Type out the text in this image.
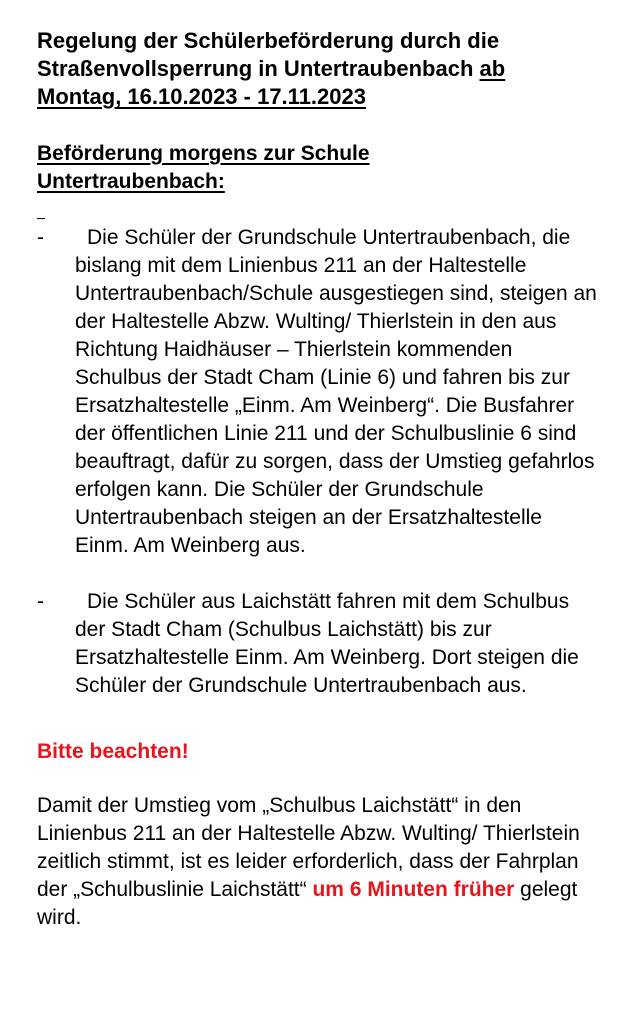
Regelung der Schülerbeförderung durch die
Straßenvollsperrung in Untertraubenbach ab
Montag, 16.10.2023 - 17.11.2023
Beförderung morgens zur Schule
Untertraubenbach:

- Die Schüler der Grundschule Untertraubenbach, die bislang mit dem Linienbus 211 an der Haltestelle Untertraubenbach/Schule ausgestiegen sind, steigen an der Haltestelle Abzw. Wulting/ Thierlstein in den aus Richtung Haidhäuser – Thierlstein kommenden Schulbus der Stadt Cham (Linie 6) und fahren bis zur Ersatzhaltestelle „Einm. Am Weinberg“. Die Busfahrer der öffentlichen Linie 211 und der Schulbuslinie 6 sind beauftragt, dafür zu sorgen, dass der Umstieg gefahrlos erfolgen kann. Die Schüler der Grundschule Untertraubenbach steigen an der Ersatzhaltestelle Einm. Am Weinberg aus.

- Die Schüler aus Laichstätt fahren mit dem Schulbus der Stadt Cham (Schulbus Laichstätt) bis zur Ersatzhaltestelle Einm. Am Weinberg. Dort steigen die Schüler der Grundschule Untertraubenbach aus.

Bitte beachten!

Damit der Umstieg vom „Schulbus Laichstätt“ in den Linienbus 211 an der Haltestelle Abzw. Wulting/ Thierlstein zeitlich stimmt, ist es leider erforderlich, dass der Fahrplan der „Schulbuslinie Laichstätt“ um 6 Minuten früher gelegt wird.
